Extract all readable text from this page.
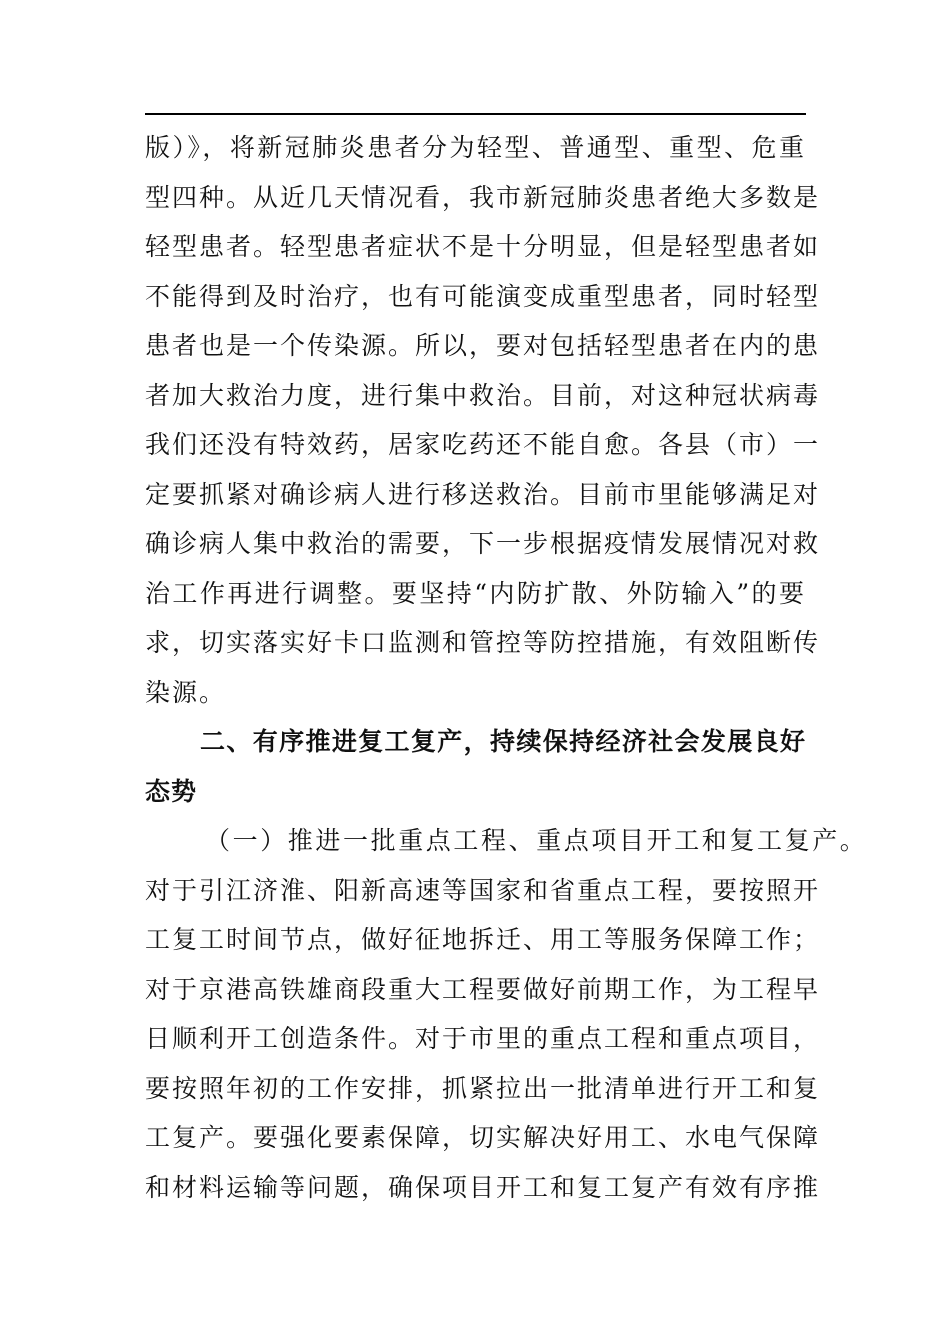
版）》，将新冠肺炎患者分为轻型、普通型、重型、危重
型四种。从近几天情况看，我市新冠肺炎患者绝大多数是
轻型患者。轻型患者症状不是十分明显，但是轻型患者如
不能得到及时治疗，也有可能演变成重型患者，同时轻型
患者也是一个传染源。所以，要对包括轻型患者在内的患
者加大救治力度，进行集中救治。目前，对这种冠状病毒
我们还没有特效药，居家吃药还不能自愈。各县（市）一
定要抓紧对确诊病人进行移送救治。目前市里能够满足对
确诊病人集中救治的需要，下一步根据疫情发展情况对救
治工作再进行调整。要坚持“内防扩散、外防输入”的要
求，切实落实好卡口监测和管控等防控措施，有效阻断传
染源。
二、有序推进复工复产，持续保持经济社会发展良好
态势
（一）推进一批重点工程、重点项目开工和复工复产。
对于引江济淮、阳新高速等国家和省重点工程，要按照开
工复工时间节点，做好征地拆迁、用工等服务保障工作；
对于京港高铁雄商段重大工程要做好前期工作，为工程早
日顺利开工创造条件。对于市里的重点工程和重点项目，
要按照年初的工作安排，抓紧拉出一批清单进行开工和复
工复产。要强化要素保障，切实解决好用工、水电气保障
和材料运输等问题，确保项目开工和复工复产有效有序推
